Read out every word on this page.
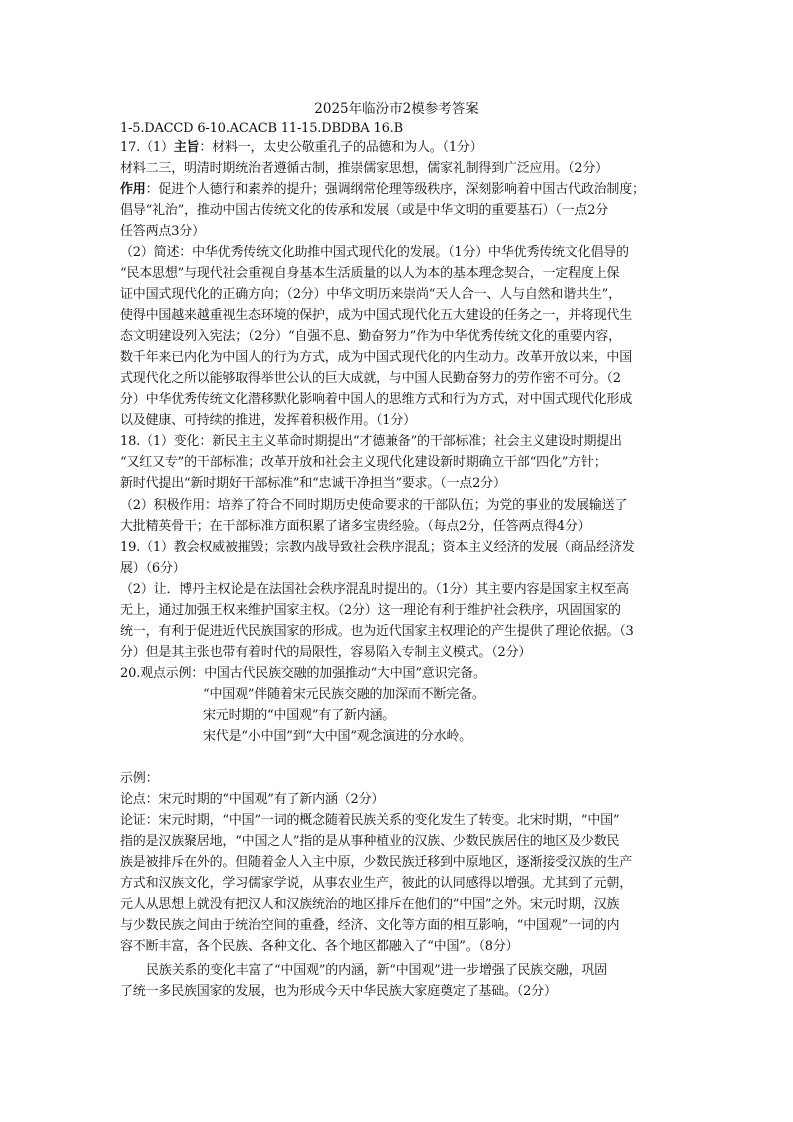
2025年临汾市2模参考答案
1-5.DACCD 6-10.ACACB 11-15.DBDBA 16.B
17.（1）主旨：材料一，太史公敬重孔子的品德和为人。（1分）
材料二三，明清时期统治者遵循古制，推崇儒家思想，儒家礼制得到广泛应用。（2分）
作用：促进个人德行和素养的提升；强调纲常伦理等级秩序，深刻影响着中国古代政治制度；
倡导“礼治”，推动中国古传统文化的传承和发展（或是中华文明的重要基石）（一点2分
任答两点3分）
（2）简述：中华优秀传统文化助推中国式现代化的发展。（1分）中华优秀传统文化倡导的
“民本思想”与现代社会重视自身基本生活质量的以人为本的基本理念契合，一定程度上保
证中国式现代化的正确方向；（2分）中华文明历来崇尚“天人合一、人与自然和谐共生”，
使得中国越来越重视生态环境的保护，成为中国式现代化五大建设的任务之一，并将现代生
态文明建设列入宪法；（2分）“自强不息、勤奋努力”作为中华优秀传统文化的重要内容，
数千年来已内化为中国人的行为方式，成为中国式现代化的内生动力。改革开放以来，中国
式现代化之所以能够取得举世公认的巨大成就，与中国人民勤奋努力的劳作密不可分。（2
分）中华优秀传统文化潜移默化影响着中国人的思维方式和行为方式，对中国式现代化形成
以及健康、可持续的推进，发挥着积极作用。（1分）
18.（1）变化：新民主主义革命时期提出“才德兼备”的干部标准；社会主义建设时期提出
“又红又专”的干部标准；改革开放和社会主义现代化建设新时期确立干部“四化”方针；
新时代提出“新时期好干部标准”和“忠诚干净担当”要求。（一点2分）
（2）积极作用：培养了符合不同时期历史使命要求的干部队伍；为党的事业的发展输送了
大批精英骨干；在干部标准方面积累了诸多宝贵经验。（每点2分，任答两点得4分）
19.（1）教会权威被摧毁；宗教内战导致社会秩序混乱；资本主义经济的发展（商品经济发
展）（6分）
（2）让．博丹主权论是在法国社会秩序混乱时提出的。（1分）其主要内容是国家主权至高
无上，通过加强王权来维护国家主权。（2分）这一理论有利于维护社会秩序，巩固国家的
统一，有利于促进近代民族国家的形成。也为近代国家主权理论的产生提供了理论依据。（3
分）但是其主张也带有着时代的局限性，容易陷入专制主义模式。（2分）
20.观点示例：中国古代民族交融的加强推动“大中国”意识完备。
“中国观”伴随着宋元民族交融的加深而不断完备。
宋元时期的“中国观”有了新内涵。
宋代是“小中国”到“大中国”观念演进的分水岭。
示例：
论点：宋元时期的“中国观”有了新内涵（2分）
论证：宋元时期，“中国”一词的概念随着民族关系的变化发生了转变。北宋时期，“中国”
指的是汉族聚居地，“中国之人”指的是从事种植业的汉族、少数民族居住的地区及少数民
族是被排斥在外的。但随着金人入主中原，少数民族迁移到中原地区，逐渐接受汉族的生产
方式和汉族文化，学习儒家学说，从事农业生产，彼此的认同感得以增强。尤其到了元朝，
元人从思想上就没有把汉人和汉族统治的地区排斥在他们的“中国”之外。宋元时期，汉族
与少数民族之间由于统治空间的重叠，经济、文化等方面的相互影响，“中国观”一词的内
容不断丰富，各个民族、各种文化、各个地区都融入了“中国”。（8分）
民族关系的变化丰富了“中国观”的内涵，新“中国观”进一步增强了民族交融，巩固
了统一多民族国家的发展，也为形成今天中华民族大家庭奠定了基础。（2分）
